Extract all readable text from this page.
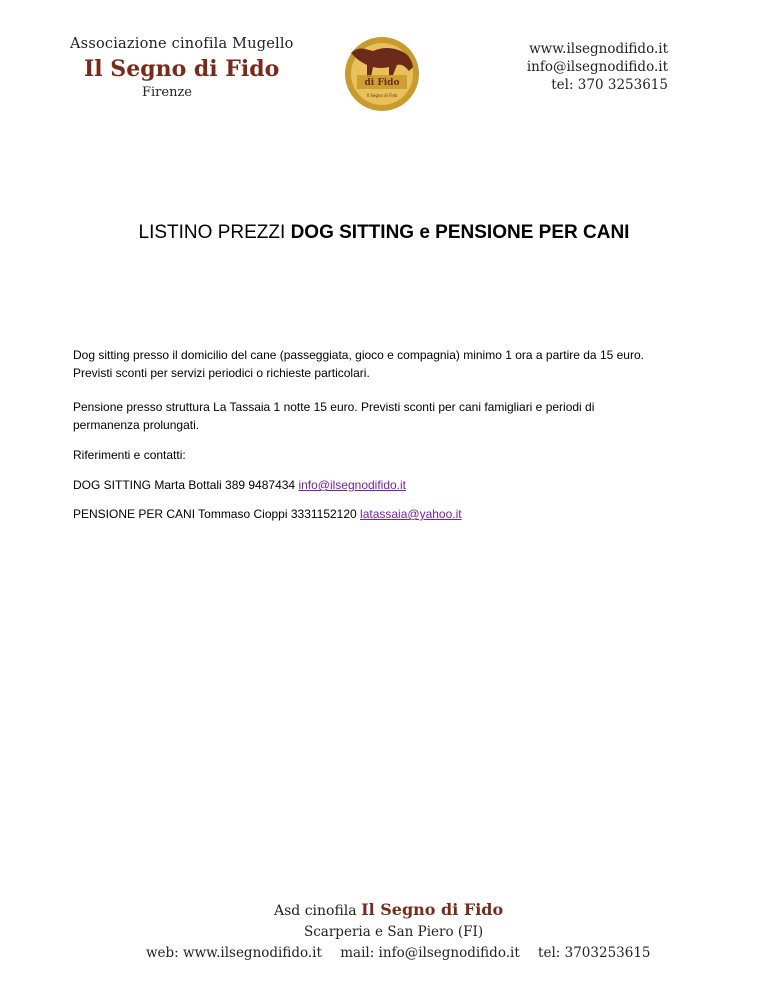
Associazione cinofila Mugello
Il Segno di Fido
Firenze
di Fido
Il Segno di Fido
www.ilsegnodifido.it
info@ilsegnodifido.it
tel: 370 3253615
LISTINO PREZZI DOG SITTING e PENSIONE PER CANI
Dog sitting presso il domicilio del cane (passeggiata, gioco e compagnia) minimo 1 ora a partire da 15 euro.
Previsti sconti per servizi periodici o richieste particolari.
Pensione presso struttura La Tassaia 1 notte 15 euro. Previsti sconti per cani famigliari e periodi di
permanenza prolungati.
Riferimenti e contatti:
DOG SITTING Marta Bottali 389 9487434 info@ilsegnodifido.it
PENSIONE PER CANI Tommaso Cioppi 3331152120 latassaia@yahoo.it
Asd cinofila Il Segno di Fido
Scarperia e San Piero (FI)
web: www.ilsegnodifido.it mail: info@ilsegnodifido.it tel: 3703253615
